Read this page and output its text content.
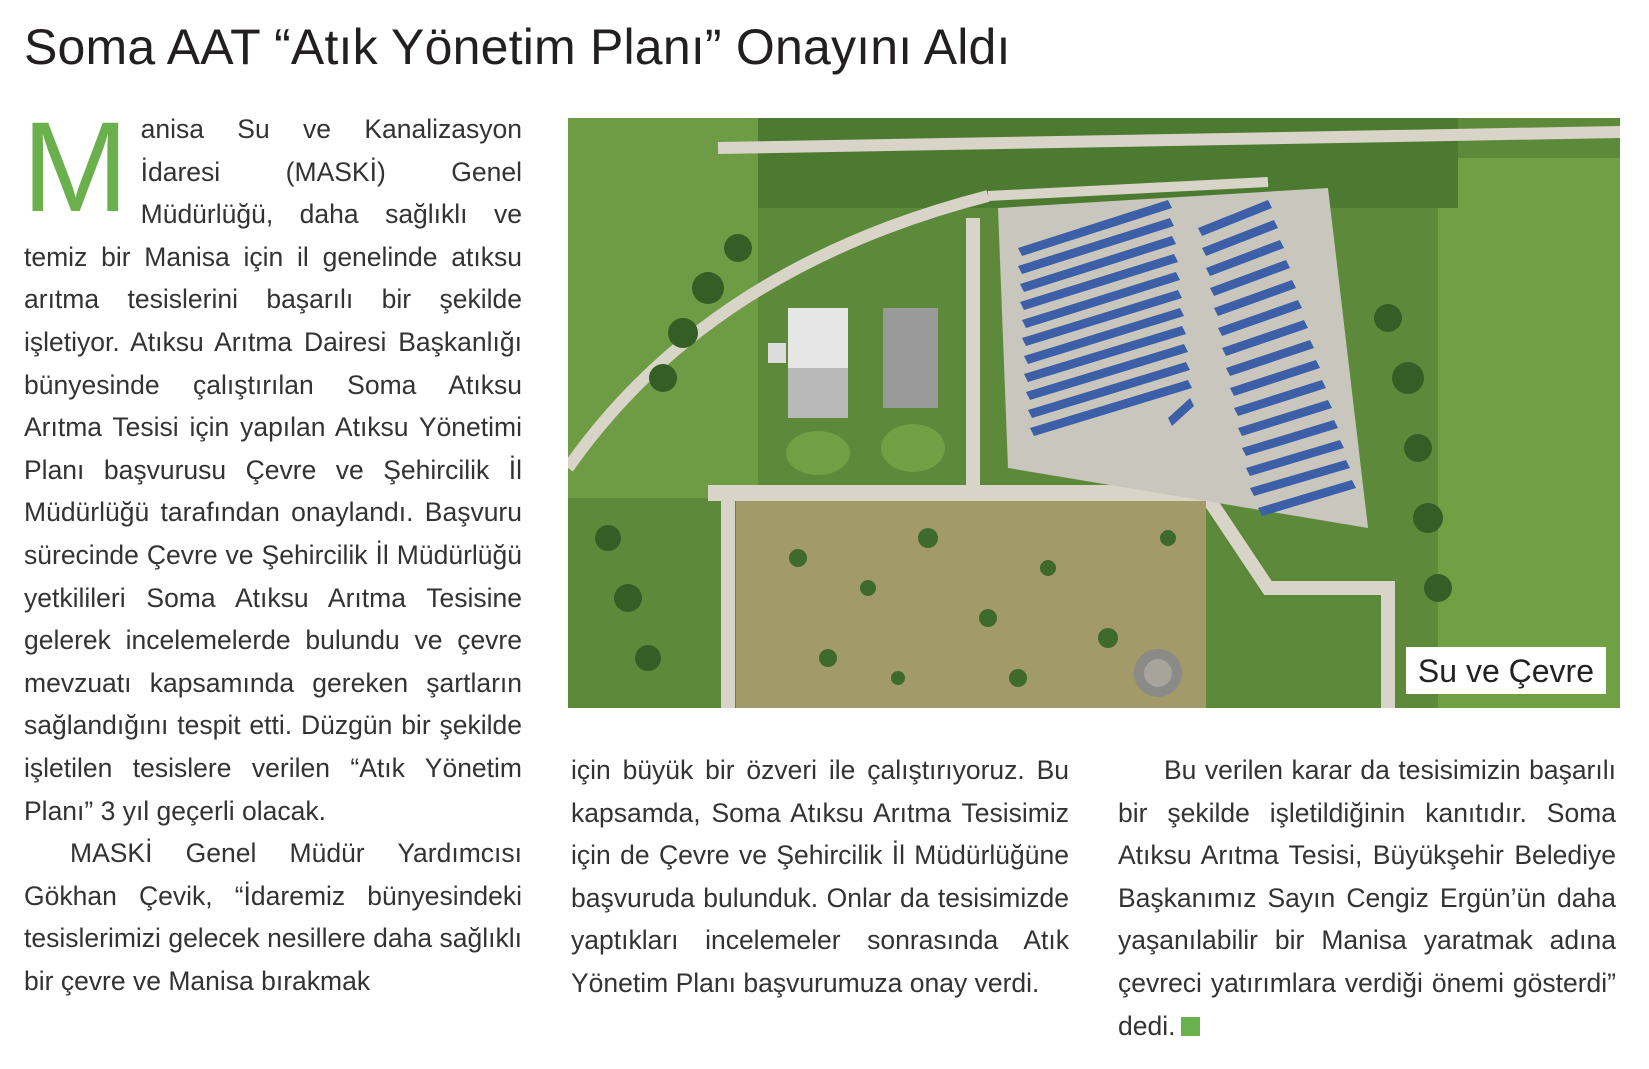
Soma AAT “Atık Yönetim Planı” Onayını Aldı

Manisa Su ve Kanalizasyon İdaresi (MASKİ) Genel Müdürlüğü, daha sağlıklı ve temiz bir Manisa için il genelinde atıksu arıtma tesislerini başarılı bir şekilde işletiyor. Atıksu Arıtma Dairesi Başkanlığı bünyesinde çalıştırılan Soma Atıksu Arıtma Tesisi için yapılan Atıksu Yönetimi Planı başvurusu Çevre ve Şehircilik İl Müdürlüğü tarafından onaylandı. Başvuru sürecinde Çevre ve Şehircilik İl Müdürlüğü yetkilileri Soma Atıksu Arıtma Tesisine gelerek incelemelerde bulundu ve çevre mevzuatı kapsamında gereken şartların sağlandığını tespit etti. Düzgün bir şekilde işletilen tesislere verilen “Atık Yönetim Planı” 3 yıl geçerli olacak.

MASKİ Genel Müdür Yardımcısı Gökhan Çevik, “İdaremiz bünyesindeki tesislerimizi gelecek nesillere daha sağlıklı bir çevre ve Manisa bırakmak

Su ve Çevre

için büyük bir özveri ile çalıştırıyoruz. Bu kapsamda, Soma Atıksu Arıtma Tesisimiz için de Çevre ve Şehircilik İl Müdürlüğüne başvuruda bulunduk. Onlar da tesisimizde yaptıkları incelemeler sonrasında Atık Yönetim Planı başvurumuza onay verdi.

Bu verilen karar da tesisimizin başarılı bir şekilde işletildiğinin kanıtıdır. Soma Atıksu Arıtma Tesisi, Büyükşehir Belediye Başkanımız Sayın Cengiz Ergün’ün daha yaşanılabilir bir Manisa yaratmak adına çevreci yatırımlara verdiği önemi gösterdi” dedi.
